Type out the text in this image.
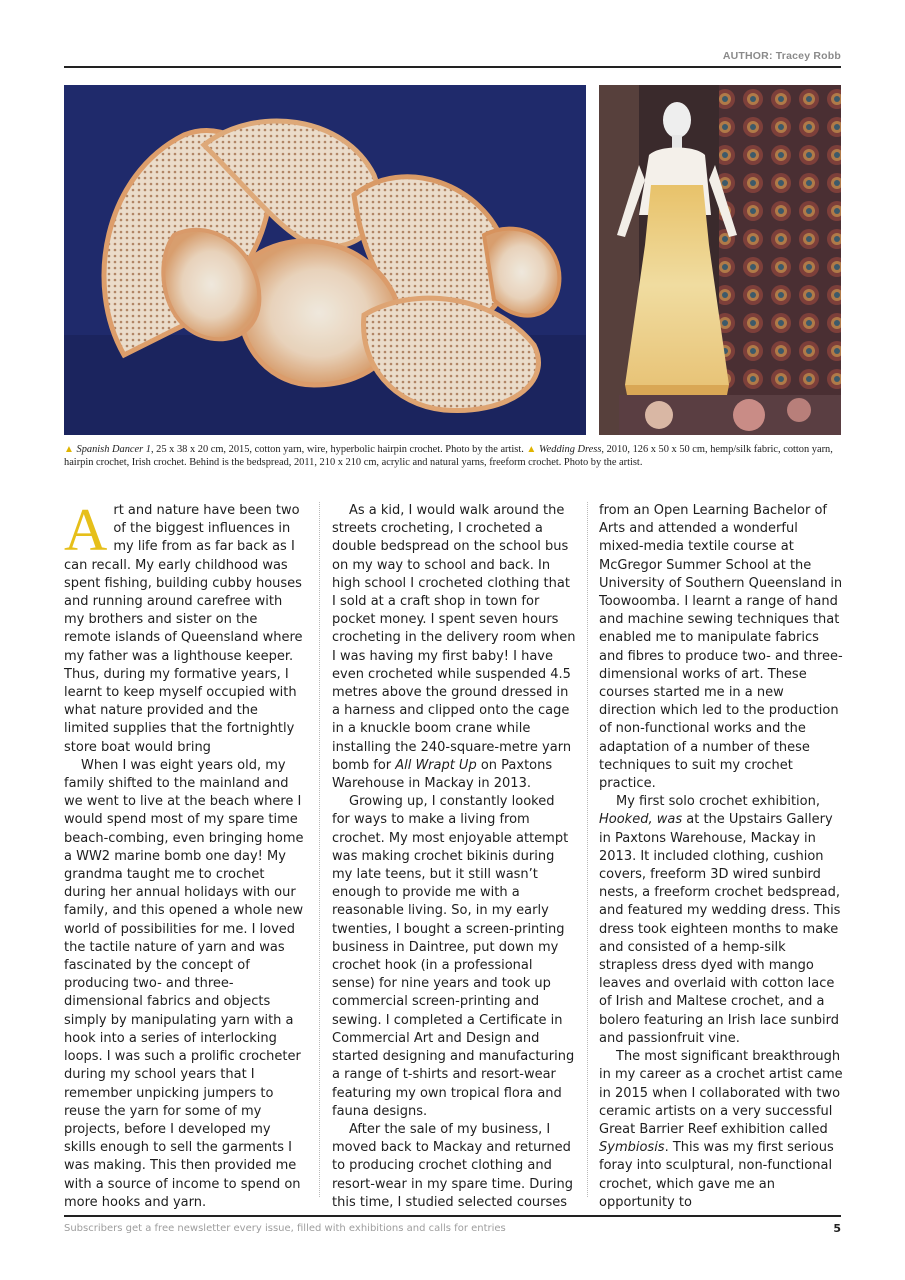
AUTHOR: Tracey Robb
▲ Spanish Dancer 1, 25 x 38 x 20 cm, 2015, cotton yarn, wire, hyperbolic hairpin crochet. Photo by the artist. ▲ Wedding Dress, 2010, 126 x 50 x 50 cm, hemp/silk fabric, cotton yarn, hairpin crochet, Irish crochet. Behind is the bedspread, 2011, 210 x 210 cm, acrylic and natural yarns, freeform crochet. Photo by the artist.

Art and nature have been two of the biggest influences in my life from as far back as I can recall. My early childhood was spent fishing, building cubby houses and running around carefree with my brothers and sister on the remote islands of Queensland where my father was a lighthouse keeper. Thus, during my formative years, I learnt to keep myself occupied with what nature provided and the limited supplies that the fortnightly store boat would bring

When I was eight years old, my family shifted to the mainland and we went to live at the beach where I would spend most of my spare time beach-combing, even bringing home a WW2 marine bomb one day! My grandma taught me to crochet during her annual holidays with our family, and this opened a whole new world of possibilities for me. I loved the tactile nature of yarn and was fascinated by the concept of producing two- and three-dimensional fabrics and objects simply by manipulating yarn with a hook into a series of interlocking loops. I was such a prolific crocheter during my school years that I remember unpicking jumpers to reuse the yarn for some of my projects, before I developed my skills enough to sell the garments I was making. This then provided me with a source of income to spend on more hooks and yarn.

As a kid, I would walk around the streets crocheting, I crocheted a double bedspread on the school bus on my way to school and back. In high school I crocheted clothing that I sold at a craft shop in town for pocket money. I spent seven hours crocheting in the delivery room when I was having my first baby! I have even crocheted while suspended 4.5 metres above the ground dressed in a harness and clipped onto the cage in a knuckle boom crane while installing the 240-square-metre yarn bomb for All Wrapt Up on Paxtons Warehouse in Mackay in 2013.

Growing up, I constantly looked for ways to make a living from crochet. My most enjoyable attempt was making crochet bikinis during my late teens, but it still wasn’t enough to provide me with a reasonable living. So, in my early twenties, I bought a screen-printing business in Daintree, put down my crochet hook (in a professional sense) for nine years and took up commercial screen-printing and sewing. I completed a Certificate in Commercial Art and Design and started designing and manufacturing a range of t-shirts and resort-wear featuring my own tropical flora and fauna designs.

After the sale of my business, I moved back to Mackay and returned to producing crochet clothing and resort-wear in my spare time. During this time, I studied selected courses

from an Open Learning Bachelor of Arts and attended a wonderful mixed-media textile course at McGregor Summer School at the University of Southern Queensland in Toowoomba. I learnt a range of hand and machine sewing techniques that enabled me to manipulate fabrics and fibres to produce two- and three-dimensional works of art. These courses started me in a new direction which led to the production of non-functional works and the adaptation of a number of these techniques to suit my crochet practice.

My first solo crochet exhibition, Hooked, was at the Upstairs Gallery in Paxtons Warehouse, Mackay in 2013. It included clothing, cushion covers, freeform 3D wired sunbird nests, a freeform crochet bedspread, and featured my wedding dress. This dress took eighteen months to make and consisted of a hemp-silk strapless dress dyed with mango leaves and overlaid with cotton lace of Irish and Maltese crochet, and a bolero featuring an Irish lace sunbird and passionfruit vine.

The most significant breakthrough in my career as a crochet artist came in 2015 when I collaborated with two ceramic artists on a very successful Great Barrier Reef exhibition called Symbiosis. This was my first serious foray into sculptural, non-functional crochet, which gave me an opportunity to

Subscribers get a free newsletter every issue, filled with exhibitions and calls for entries	5
